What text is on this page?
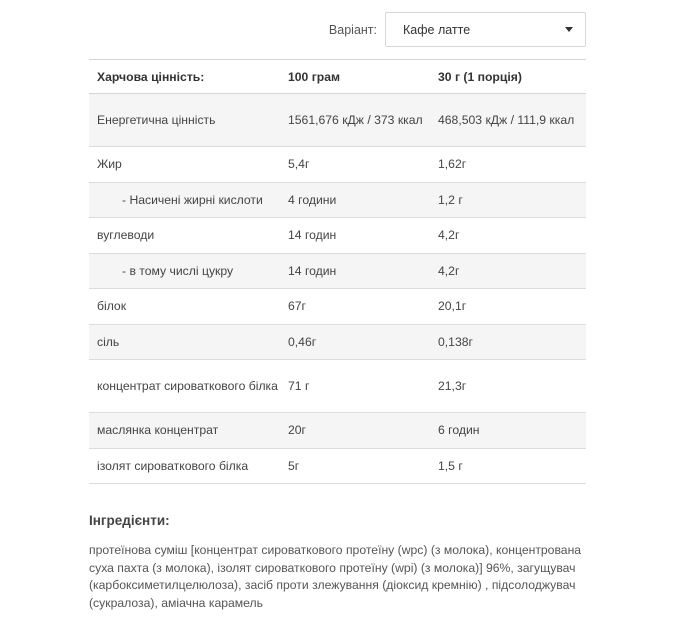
Варіант: Кафе латте
Харчова цінність:	100 грам	30 г (1 порція)
Енергетична цінність	1561,676 кДж / 373 ккал	468,503 кДж / 111,9 ккал
Жир	5,4г	1,62г
- Насичені жирні кислоти	4 години	1,2 г
вуглеводи	14 годин	4,2г
- в тому числі цукру	14 годин	4,2г
білок	67г	20,1г
сіль	0,46г	0,138г
концентрат сироваткового білка	71 г	21,3г
маслянка концентрат	20г	6 годин
ізолят сироваткового білка	5г	1,5 г
Інгредієнти:
протеїнова суміш [концентрат сироваткового протеїну (wpc) (з молока), концентрована суха пахта (з молока), ізолят сироваткового протеїну (wpi) (з молока)] 96%, загущувач (карбоксиметилцелюлоза), засіб проти злежування (діоксид кремнію) , підсолоджувач (сукралоза), аміачна карамель
